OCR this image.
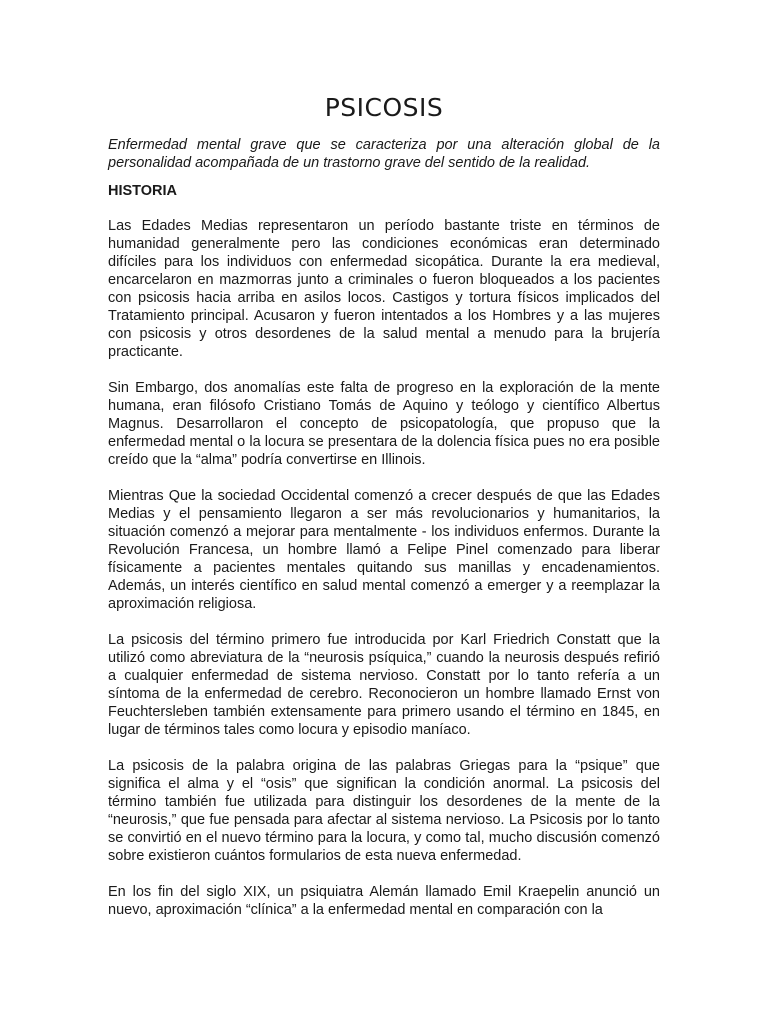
PSICOSIS

Enfermedad mental grave que se caracteriza por una alteración global de la personalidad acompañada de un trastorno grave del sentido de la realidad.

HISTORIA

Las Edades Medias representaron un período bastante triste en términos de humanidad generalmente pero las condiciones económicas eran determinado difíciles para los individuos con enfermedad sicopática. Durante la era medieval, encarcelaron en mazmorras junto a criminales o fueron bloqueados a los pacientes con psicosis hacia arriba en asilos locos. Castigos y tortura físicos implicados del Tratamiento principal. Acusaron y fueron intentados a los Hombres y a las mujeres con psicosis y otros desordenes de la salud mental a menudo para la brujería practicante.

Sin Embargo, dos anomalías este falta de progreso en la exploración de la mente humana, eran filósofo Cristiano Tomás de Aquino y teólogo y científico Albertus Magnus. Desarrollaron el concepto de psicopatología, que propuso que la enfermedad mental o la locura se presentara de la dolencia física pues no era posible creído que la “alma” podría convertirse en Illinois.

Mientras Que la sociedad Occidental comenzó a crecer después de que las Edades Medias y el pensamiento llegaron a ser más revolucionarios y humanitarios, la situación comenzó a mejorar para mentalmente - los individuos enfermos. Durante la Revolución Francesa, un hombre llamó a Felipe Pinel comenzado para liberar físicamente a pacientes mentales quitando sus manillas y encadenamientos. Además, un interés científico en salud mental comenzó a emerger y a reemplazar la aproximación religiosa.

La psicosis del término primero fue introducida por Karl Friedrich Constatt que la utilizó como abreviatura de la “neurosis psíquica,” cuando la neurosis después refirió a cualquier enfermedad de sistema nervioso. Constatt por lo tanto refería a un síntoma de la enfermedad de cerebro. Reconocieron un hombre llamado Ernst von Feuchtersleben también extensamente para primero usando el término en 1845, en lugar de términos tales como locura y episodio maníaco.

La psicosis de la palabra origina de las palabras Griegas para la “psique” que significa el alma y el “osis” que significan la condición anormal. La psicosis del término también fue utilizada para distinguir los desordenes de la mente de la “neurosis,” que fue pensada para afectar al sistema nervioso. La Psicosis por lo tanto se convirtió en el nuevo término para la locura, y como tal, mucho discusión comenzó sobre existieron cuántos formularios de esta nueva enfermedad.

En los fin del siglo XIX, un psiquiatra Alemán llamado Emil Kraepelin anunció un nuevo, aproximación “clínica” a la enfermedad mental en comparación con la
